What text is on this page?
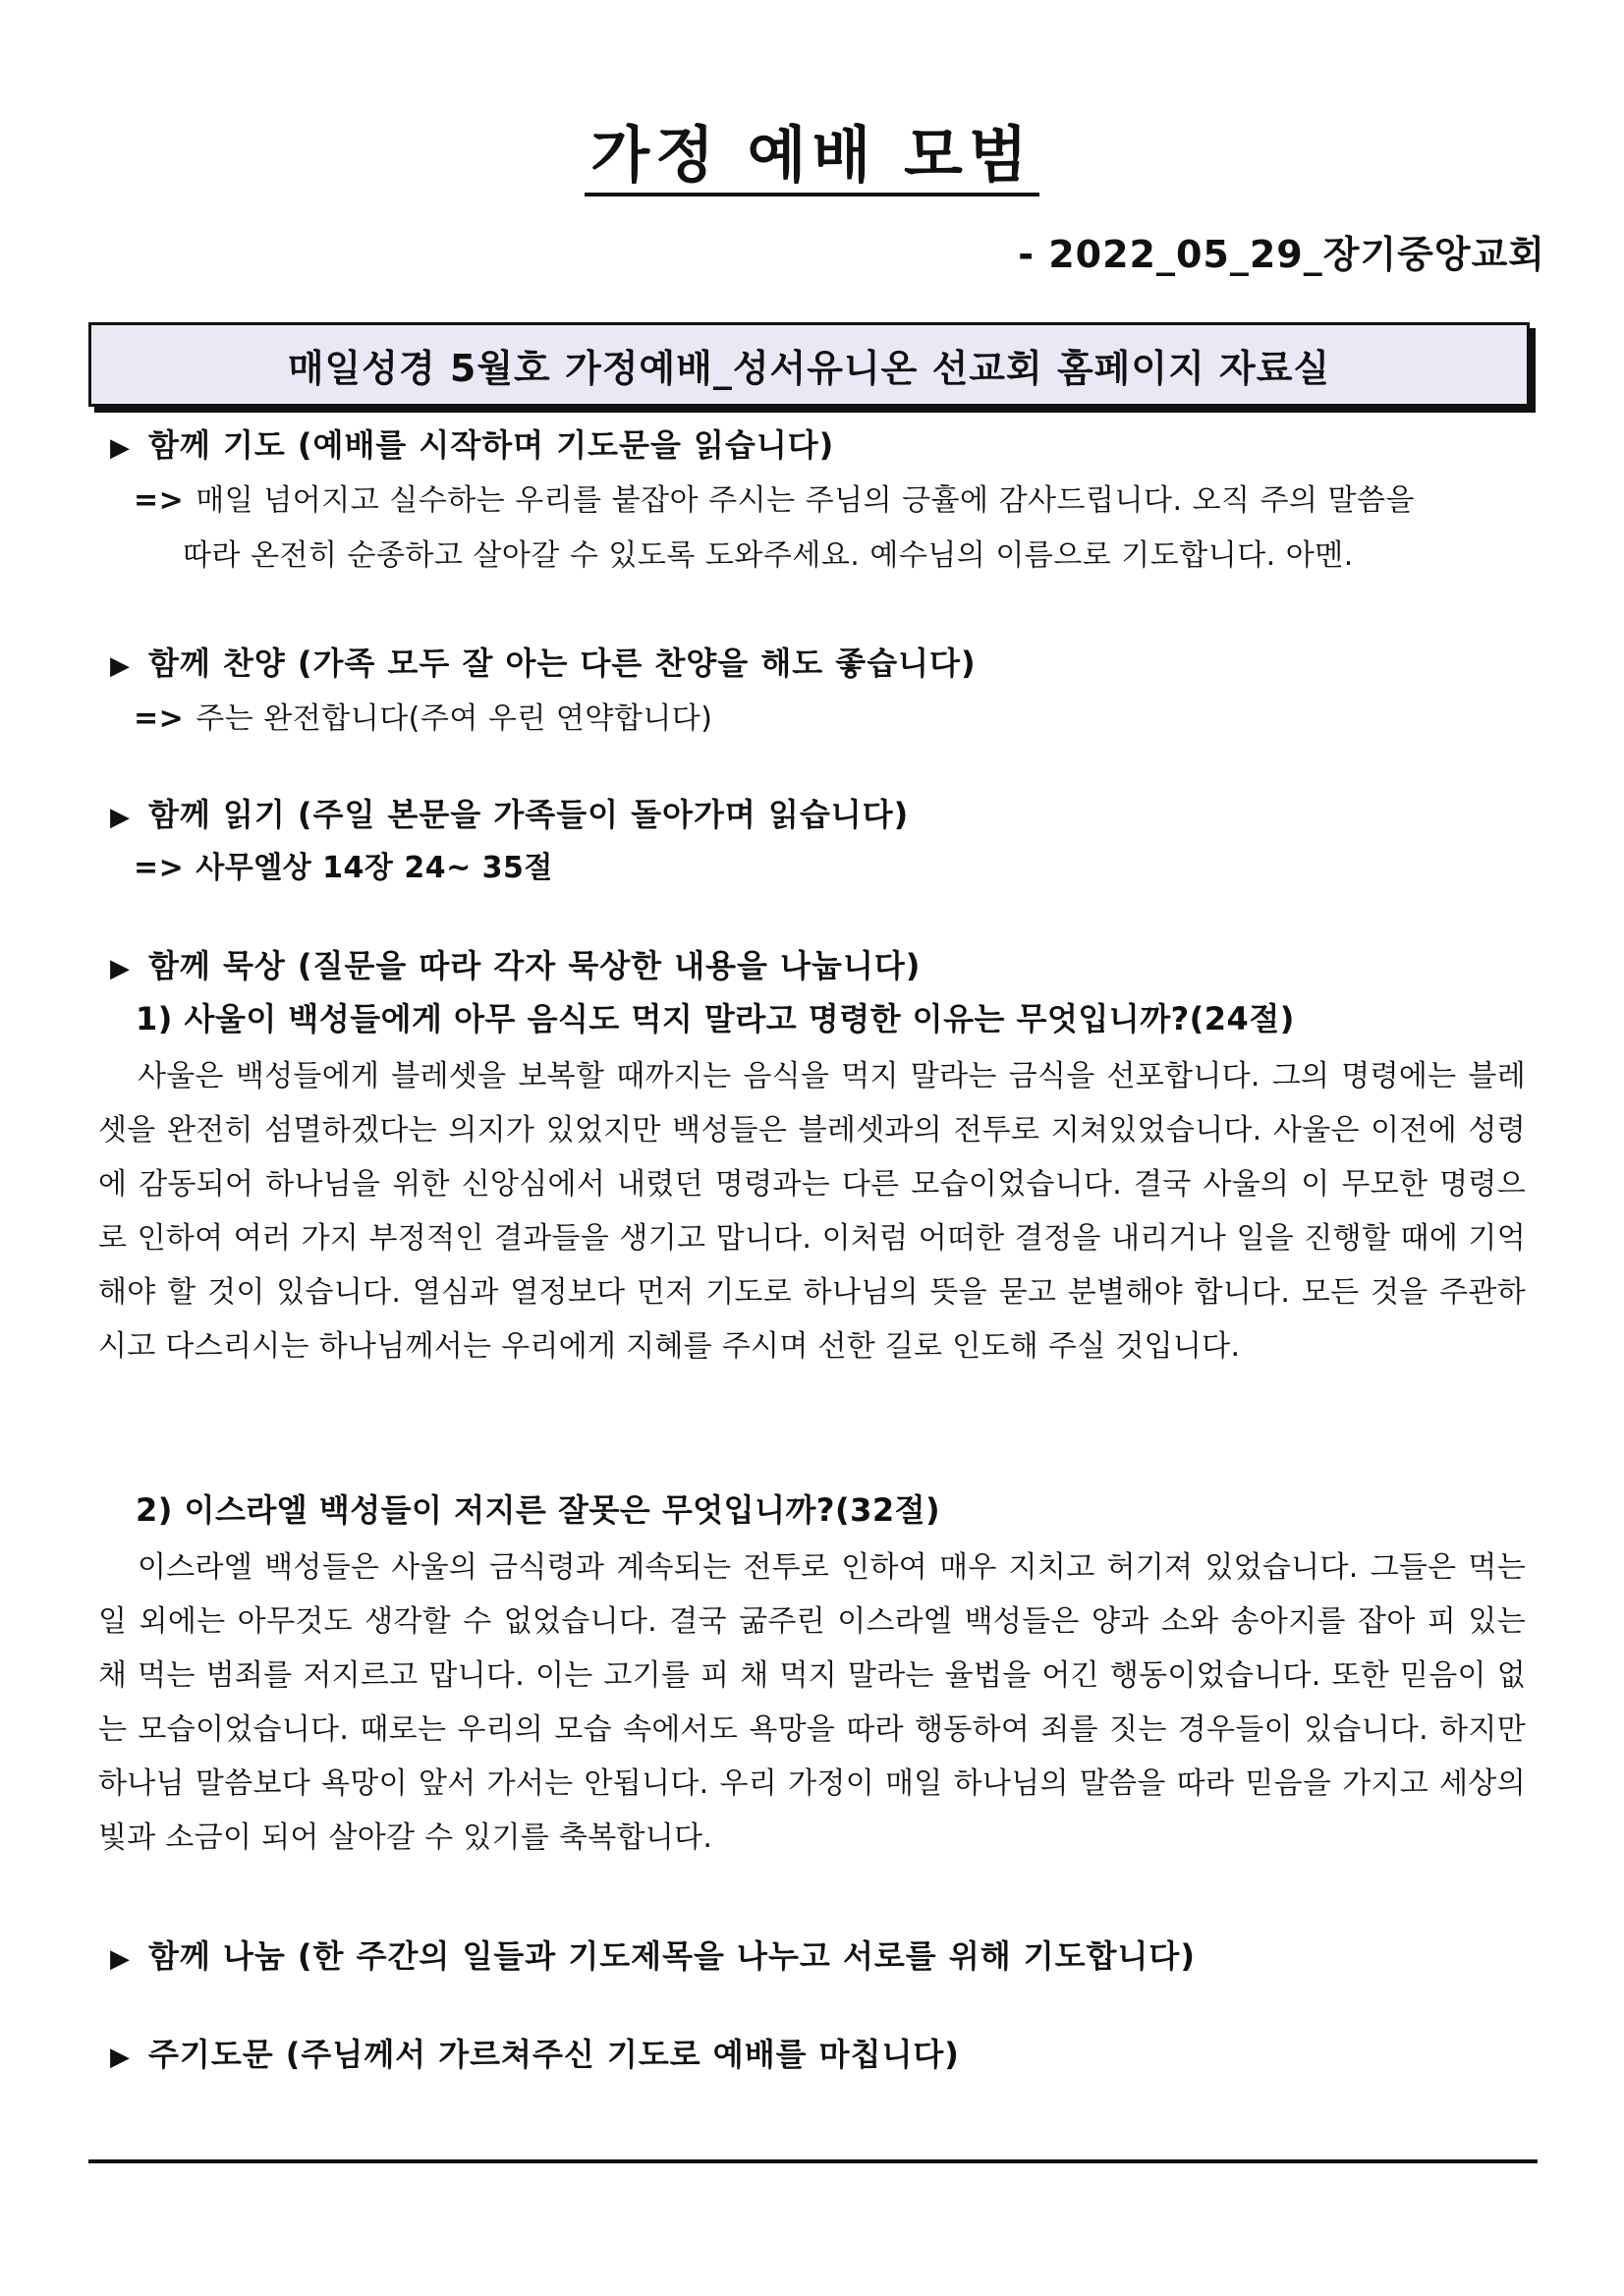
가정 예배 모범
- 2022_05_29_장기중앙교회
매일성경 5월호 가정예배_성서유니온 선교회 홈페이지 자료실
▶ 함께 기도 (예배를 시작하며 기도문을 읽습니다)
=> 매일 넘어지고 실수하는 우리를 붙잡아 주시는 주님의 긍휼에 감사드립니다. 오직 주의 말씀을
따라 온전히 순종하고 살아갈 수 있도록 도와주세요. 예수님의 이름으로 기도합니다. 아멘.
▶ 함께 찬양 (가족 모두 잘 아는 다른 찬양을 해도 좋습니다)
=> 주는 완전합니다(주여 우린 연약합니다)
▶ 함께 읽기 (주일 본문을 가족들이 돌아가며 읽습니다)
=> 사무엘상 14장 24~ 35절
▶ 함께 묵상 (질문을 따라 각자 묵상한 내용을 나눕니다)
1) 사울이 백성들에게 아무 음식도 먹지 말라고 명령한 이유는 무엇입니까?(24절)
사울은 백성들에게 블레셋을 보복할 때까지는 음식을 먹지 말라는 금식을 선포합니다. 그의 명령에는 블레셋을 완전히 섬멸하겠다는 의지가 있었지만 백성들은 블레셋과의 전투로 지쳐있었습니다. 사울은 이전에 성령에 감동되어 하나님을 위한 신앙심에서 내렸던 명령과는 다른 모습이었습니다. 결국 사울의 이 무모한 명령으로 인하여 여러 가지 부정적인 결과들을 생기고 맙니다. 이처럼 어떠한 결정을 내리거나 일을 진행할 때에 기억해야 할 것이 있습니다. 열심과 열정보다 먼저 기도로 하나님의 뜻을 묻고 분별해야 합니다. 모든 것을 주관하시고 다스리시는 하나님께서는 우리에게 지혜를 주시며 선한 길로 인도해 주실 것입니다.
2) 이스라엘 백성들이 저지른 잘못은 무엇입니까?(32절)
이스라엘 백성들은 사울의 금식령과 계속되는 전투로 인하여 매우 지치고 허기져 있었습니다. 그들은 먹는 일 외에는 아무것도 생각할 수 없었습니다. 결국 굶주린 이스라엘 백성들은 양과 소와 송아지를 잡아 피 있는 채 먹는 범죄를 저지르고 맙니다. 이는 고기를 피 채 먹지 말라는 율법을 어긴 행동이었습니다. 또한 믿음이 없는 모습이었습니다. 때로는 우리의 모습 속에서도 욕망을 따라 행동하여 죄를 짓는 경우들이 있습니다. 하지만 하나님 말씀보다 욕망이 앞서 가서는 안됩니다. 우리 가정이 매일 하나님의 말씀을 따라 믿음을 가지고 세상의 빛과 소금이 되어 살아갈 수 있기를 축복합니다.
▶ 함께 나눔 (한 주간의 일들과 기도제목을 나누고 서로를 위해 기도합니다)
▶ 주기도문 (주님께서 가르쳐주신 기도로 예배를 마칩니다)
